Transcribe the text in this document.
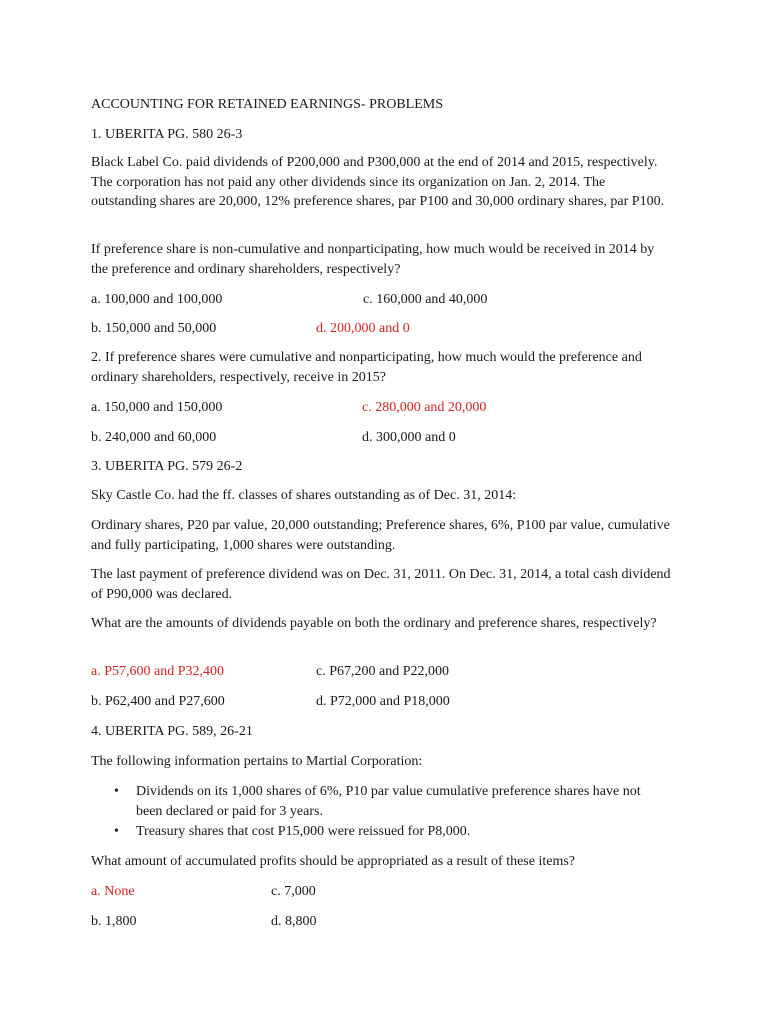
ACCOUNTING FOR RETAINED EARNINGS- PROBLEMS
1. UBERITA PG. 580 26-3
Black Label Co. paid dividends of P200,000 and P300,000 at the end of 2014 and 2015, respectively. The corporation has not paid any other dividends since its organization on Jan. 2, 2014. The outstanding shares are 20,000, 12% preference shares, par P100 and 30,000 ordinary shares, par P100.
If preference share is non-cumulative and nonparticipating, how much would be received in 2014 by the preference and ordinary shareholders, respectively?
a. 100,000 and 100,000	c. 160,000 and 40,000
b. 150,000 and 50,000	d. 200,000 and 0
2. If preference shares were cumulative and nonparticipating, how much would the preference and ordinary shareholders, respectively, receive in 2015?
a. 150,000 and 150,000	c. 280,000 and 20,000
b. 240,000 and 60,000	d. 300,000 and 0
3. UBERITA PG. 579 26-2
Sky Castle Co. had the ff. classes of shares outstanding as of Dec. 31, 2014:
Ordinary shares, P20 par value, 20,000 outstanding; Preference shares, 6%, P100 par value, cumulative and fully participating, 1,000 shares were outstanding.
The last payment of preference dividend was on Dec. 31, 2011. On Dec. 31, 2014, a total cash dividend of P90,000 was declared.
What are the amounts of dividends payable on both the ordinary and preference shares, respectively?
a. P57,600 and P32,400	c. P67,200 and P22,000
b. P62,400 and P27,600	d. P72,000 and P18,000
4. UBERITA PG. 589, 26-21
The following information pertains to Martial Corporation:
• Dividends on its 1,000 shares of 6%, P10 par value cumulative preference shares have not been declared or paid for 3 years.
• Treasury shares that cost P15,000 were reissued for P8,000.
What amount of accumulated profits should be appropriated as a result of these items?
a. None	c. 7,000
b. 1,800	d. 8,800
